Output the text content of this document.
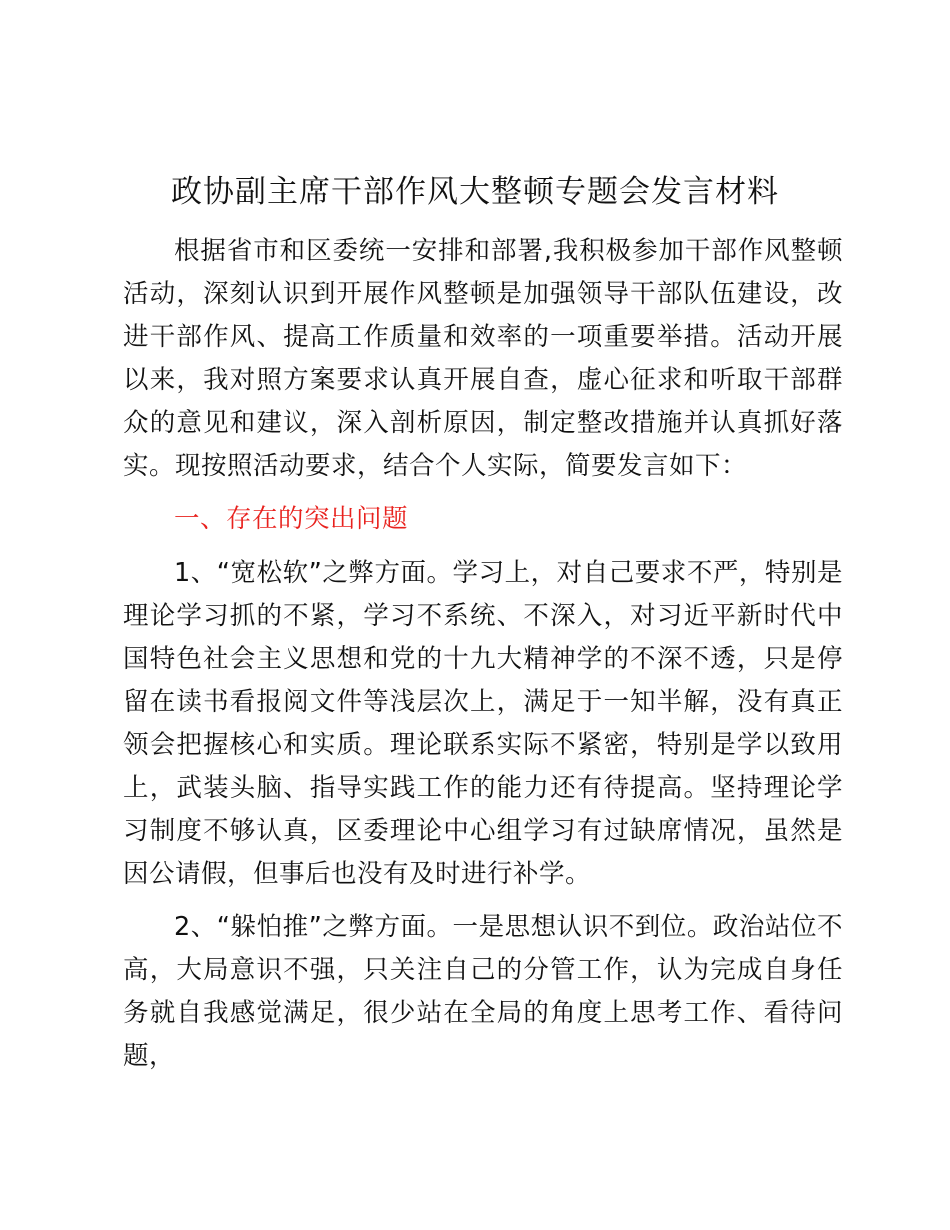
政协副主席干部作风大整顿专题会发言材料

根据省市和区委统一安排和部署,我积极参加干部作风整顿活动，深刻认识到开展作风整顿是加强领导干部队伍建设，改进干部作风、提高工作质量和效率的一项重要举措。活动开展以来，我对照方案要求认真开展自查，虚心征求和听取干部群众的意见和建议，深入剖析原因，制定整改措施并认真抓好落实。现按照活动要求，结合个人实际，简要发言如下：

一、存在的突出问题

1、“宽松软”之弊方面。学习上，对自己要求不严，特别是理论学习抓的不紧，学习不系统、不深入，对习近平新时代中国特色社会主义思想和党的十九大精神学的不深不透，只是停留在读书看报阅文件等浅层次上，满足于一知半解，没有真正领会把握核心和实质。理论联系实际不紧密，特别是学以致用上，武装头脑、指导实践工作的能力还有待提高。坚持理论学习制度不够认真，区委理论中心组学习有过缺席情况，虽然是因公请假，但事后也没有及时进行补学。

2、“躲怕推”之弊方面。一是思想认识不到位。政治站位不高，大局意识不强，只关注自己的分管工作，认为完成自身任务就自我感觉满足，很少站在全局的角度上思考工作、看待问题，
